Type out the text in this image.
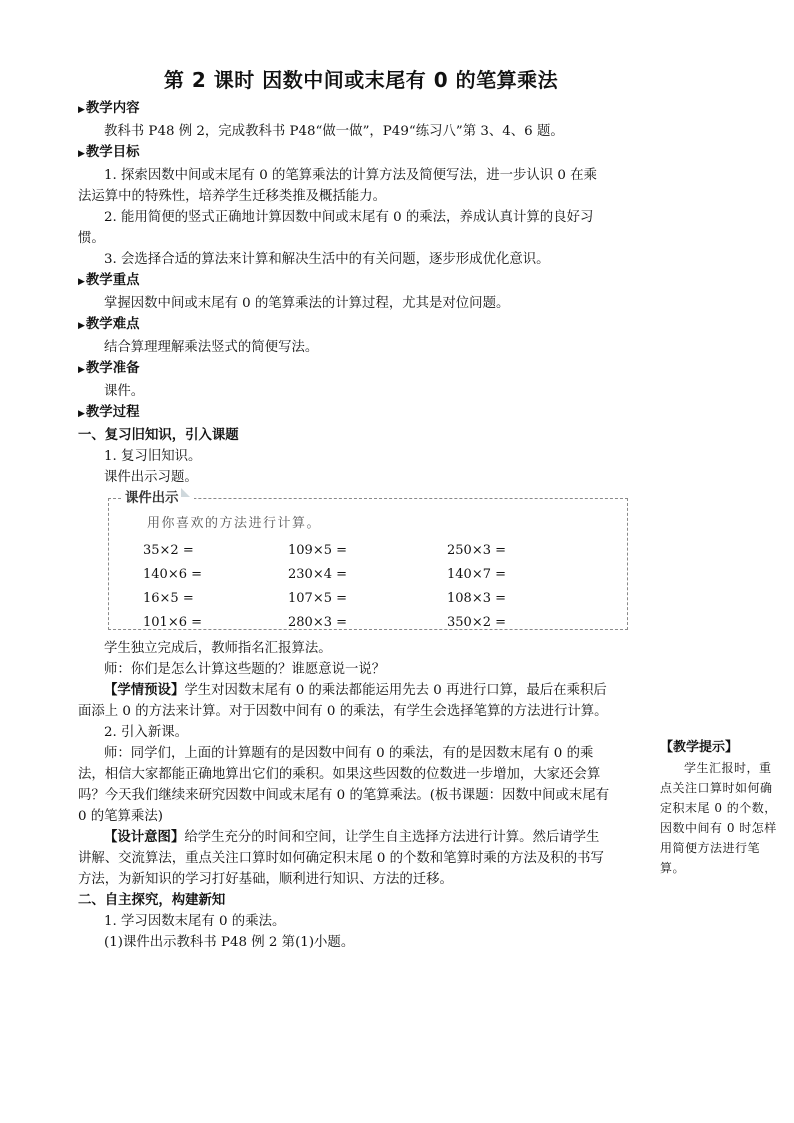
第 2 课时 因数中间或末尾有 0 的笔算乘法

▶教学内容

教科书 P48 例 2，完成教科书 P48“做一做”，P49“练习八”第 3、4、6 题。

▶教学目标

1. 探索因数中间或末尾有 0 的笔算乘法的计算方法及简便写法，进一步认识 0 在乘法运算中的特殊性，培养学生迁移类推及概括能力。

2. 能用简便的竖式正确地计算因数中间或末尾有 0 的乘法，养成认真计算的良好习惯。

3. 会选择合适的算法来计算和解决生活中的有关问题，逐步形成优化意识。

▶教学重点

掌握因数中间或末尾有 0 的笔算乘法的计算过程，尤其是对位问题。

▶教学难点

结合算理理解乘法竖式的简便写法。

▶教学准备

课件。

▶教学过程

一、复习旧知识，引入课题

1. 复习旧知识。

课件出示习题。

课件出示
用你喜欢的方法进行计算。
35×2 =	109×5 =	250×3 =
140×6 =	230×4 =	140×7 =
16×5 =	107×5 =	108×3 =
101×6 =	280×3 =	350×2 =

学生独立完成后，教师指名汇报算法。

师：你们是怎么计算这些题的？谁愿意说一说？

【学情预设】学生对因数末尾有 0 的乘法都能运用先去 0 再进行口算，最后在乘积后面添上 0 的方法来计算。对于因数中间有 0 的乘法，有学生会选择笔算的方法进行计算。

2. 引入新课。

师：同学们，上面的计算题有的是因数中间有 0 的乘法，有的是因数末尾有 0 的乘法，相信大家都能正确地算出它们的乘积。如果这些因数的位数进一步增加，大家还会算吗？今天我们继续来研究因数中间或末尾有 0 的笔算乘法。(板书课题：因数中间或末尾有 0 的笔算乘法)

【设计意图】给学生充分的时间和空间，让学生自主选择方法进行计算。然后请学生讲解、交流算法，重点关注口算时如何确定积末尾 0 的个数和笔算时乘的方法及积的书写方法，为新知识的学习打好基础，顺利进行知识、方法的迁移。

二、自主探究，构建新知

1. 学习因数末尾有 0 的乘法。

(1)课件出示教科书 P48 例 2 第(1)小题。

【教学提示】
学生汇报时，重点关注口算时如何确定积末尾 0 的个数，因数中间有 0 时怎样用简便方法进行笔算。
